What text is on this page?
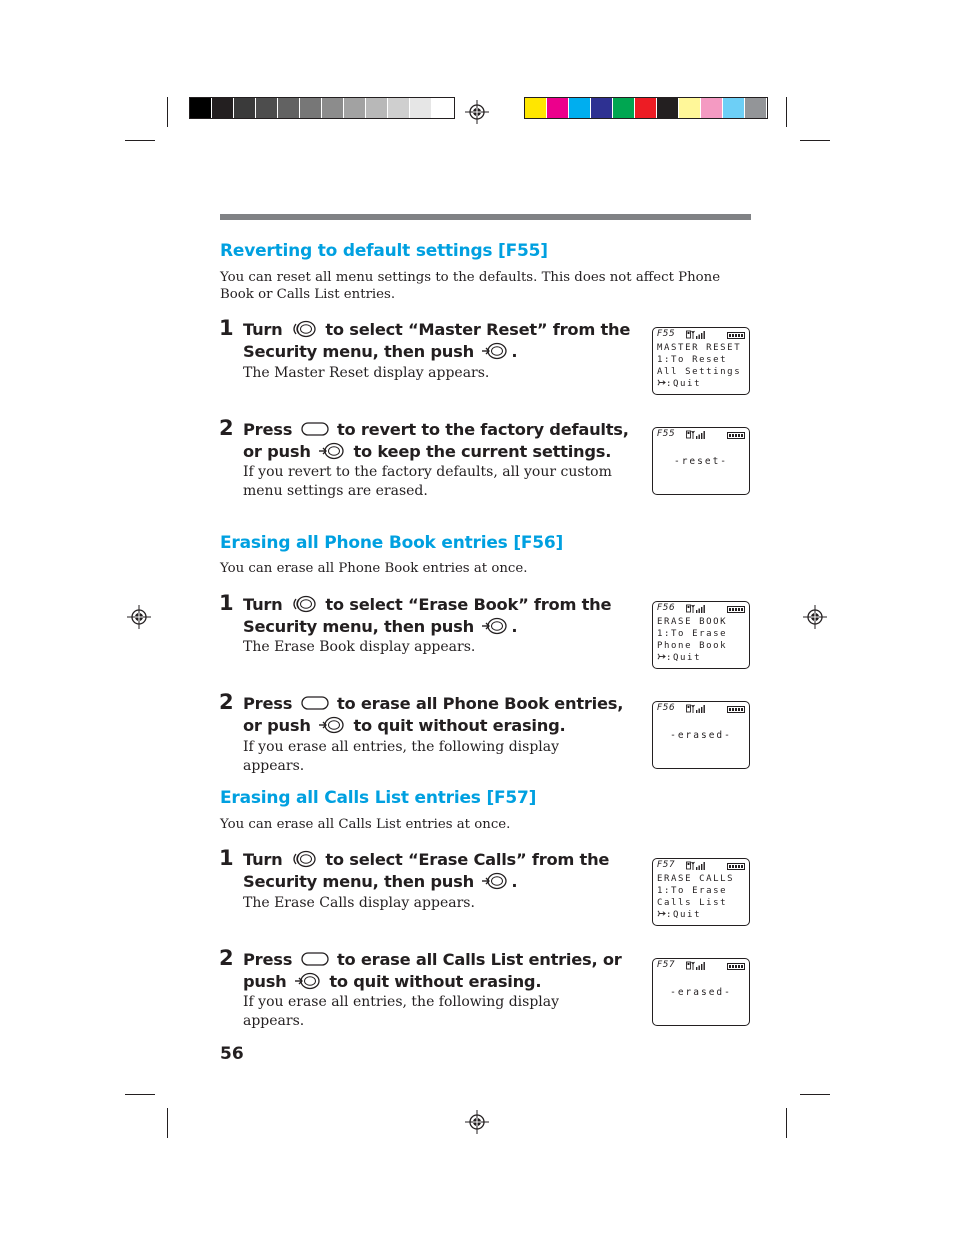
Reverting to default settings [F55]
You can reset all menu settings to the defaults. This does not affect Phone Book or Calls List entries.
1 Turn	to select “Master Reset” from the Security menu, then push .
The Master Reset display appears.
F55
MASTER RESET
1:To Reset
All Settings
:Quit
2 Press	to revert to the factory defaults, or push	to keep the current settings.
If you revert to the factory defaults, all your custom menu settings are erased.
F55
-reset-
Erasing all Phone Book entries [F56]
You can erase all Phone Book entries at once.
1 Turn	to select “Erase Book” from the Security menu, then push .
The Erase Book display appears.
F56
ERASE BOOK
1:To Erase
Phone Book
:Quit
2 Press	to erase all Phone Book entries, or push	to quit without erasing.
If you erase all entries, the following display appears.
F56
-erased-
Erasing all Calls List entries [F57]
You can erase all Calls List entries at once.
1 Turn	to select “Erase Calls” from the Security menu, then push .
The Erase Calls display appears.
F57
ERASE CALLS
1:To Erase
Calls List
:Quit
2 Press	to erase all Calls List entries, or push	to quit without erasing.
If you erase all entries, the following display appears.
F57
-erased-
56
